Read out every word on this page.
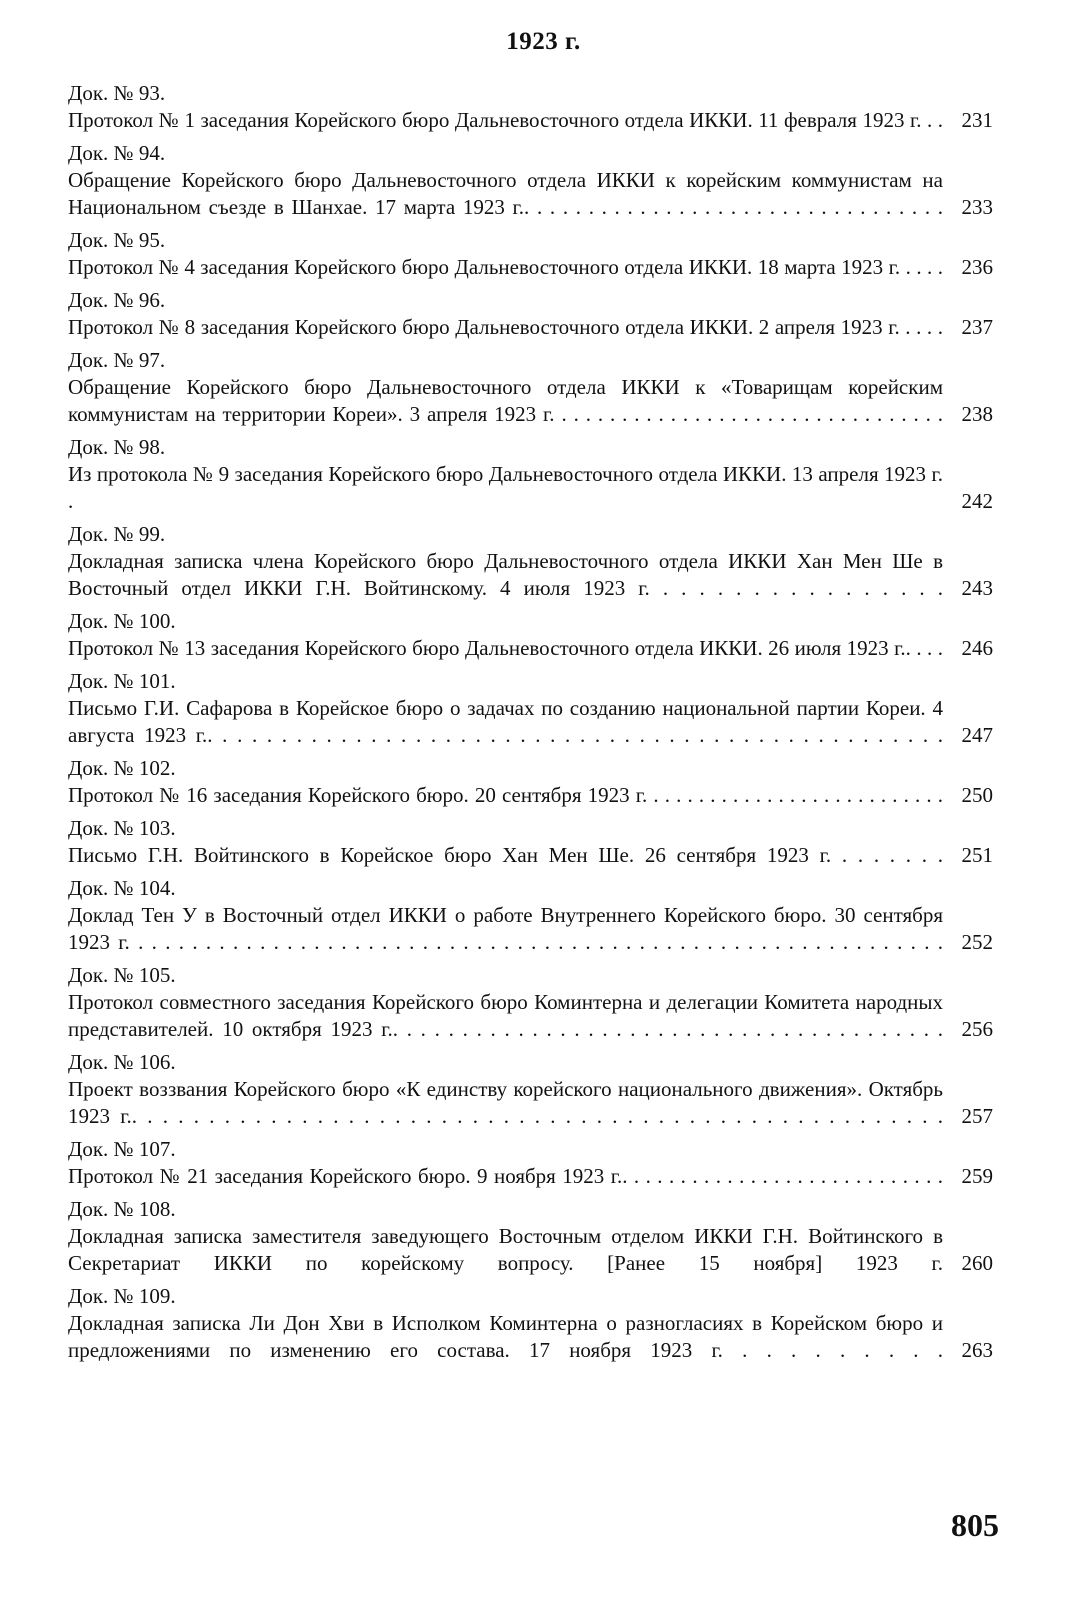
1923 г.
Док. № 93.
Протокол № 1 заседания Корейского бюро Дальневосточного отдела ИККИ. 11 февраля 1923 г. . . 231
Док. № 94.
Обращение Корейского бюро Дальневосточного отдела ИККИ к корейским коммунистам на Национальном съезде в Шанхае. 17 марта 1923 г.. . . . . . . . . . . . . . . . . . . . . . . . . . . . . . . . . 233
Док. № 95.
Протокол № 4 заседания Корейского бюро Дальневосточного отдела ИККИ. 18 марта 1923 г. . . . . 236
Док. № 96.
Протокол № 8 заседания Корейского бюро Дальневосточного отдела ИККИ. 2 апреля 1923 г. . . . . 237
Док. № 97.
Обращение Корейского бюро Дальневосточного отдела ИККИ к «Товарищам корейским коммунистам на территории Кореи». 3 апреля 1923 г. . . . . . . . . . . . . . . . . . . . . . . . . . . . . . . . . 238
Док. № 98.
Из протокола № 9 заседания Корейского бюро Дальневосточного отдела ИККИ. 13 апреля 1923 г. .	242
Док. № 99.
Докладная записка члена Корейского бюро Дальневосточного отдела ИККИ Хан Мен Ше в Восточный отдел ИККИ Г.Н. Войтинскому. 4 июля 1923 г. . . . . . . . . . . . . . . . . 243
Док. № 100.
Протокол № 13 заседания Корейского бюро Дальневосточного отдела ИККИ. 26 июля 1923 г.. . . . 246
Док. № 101.
Письмо Г.И. Сафарова в Корейское бюро о задачах по созданию национальной партии Кореи. 4 августа 1923 г.. . . . . . . . . . . . . . . . . . . . . . . . . . . . . . . . . . . . . . . . . . . . . . . . . . 247
Док. № 102.
Протокол № 16 заседания Корейского бюро. 20 сентября 1923 г. . . . . . . . . . . . . . . . . . . . . . . . . . . 250
Док. № 103.
Письмо Г.Н. Войтинского в Корейское бюро Хан Мен Ше. 26 сентября 1923 г. . . . . . . . 251
Док. № 104.
Доклад Тен У в Восточный отдел ИККИ о работе Внутреннего Корейского бюро. 30 сентября 1923 г. . . . . . . . . . . . . . . . . . . . . . . . . . . . . . . . . . . . . . . . . . . . . . . . . . . . . . . . . . . . . 252
Док. № 105.
Протокол совместного заседания Корейского бюро Коминтерна и делегации Комитета народных представителей. 10 октября 1923 г.. . . . . . . . . . . . . . . . . . . . . . . . . . . . . . . . . . . . . . . . 256
Док. № 106.
Проект воззвания Корейского бюро «К единству корейского национального движения». Октябрь 1923 г.. . . . . . . . . . . . . . . . . . . . . . . . . . . . . . . . . . . . . . . . . . . . . . . . . . . . . 257
Док. № 107.
Протокол № 21 заседания Корейского бюро. 9 ноября 1923 г.. . . . . . . . . . . . . . . . . . . . . . . . . . . . 259
Док. № 108.
Докладная записка заместителя заведующего Восточным отделом ИККИ Г.Н. Войтинского в Секретариат ИККИ по корейскому вопросу. [Ранее 15 ноября] 1923 г. 260
Док. № 109.
Докладная записка Ли Дон Хви в Исполком Коминтерна о разногласиях в Корейском бюро и предложениями по изменению его состава. 17 ноября 1923 г. . . . . . . . . . 263
805
